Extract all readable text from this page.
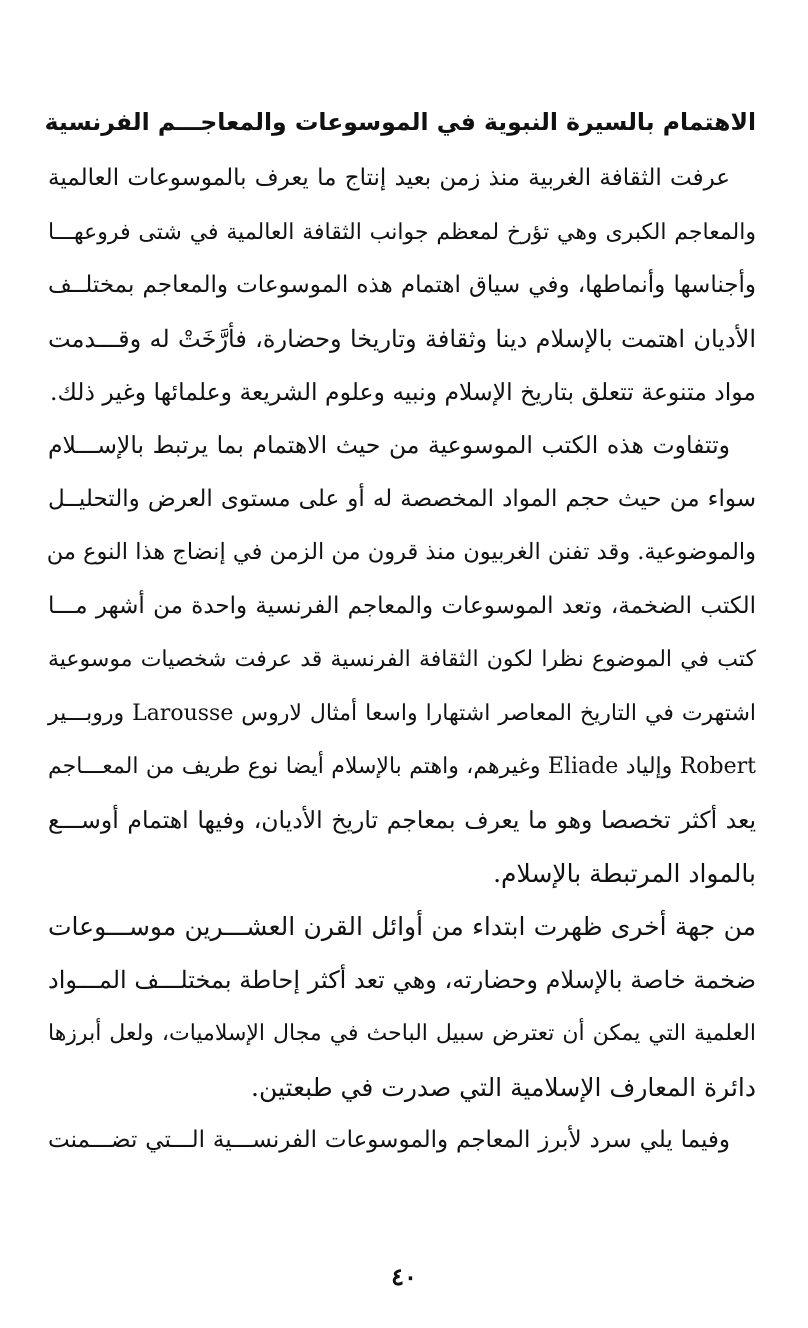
الاهتمام بالسيرة النبوية في الموسوعات والمعاجـــم الفرنسية

عرفت الثقافة الغربية منذ زمن بعيد إنتاج ما يعرف بالموسوعات العالمية
والمعاجم الكبرى وهي تؤرخ لمعظم جوانب الثقافة العالمية في شتى فروعهـــا
وأجناسها وأنماطها، وفي سياق اهتمام هذه الموسوعات والمعاجم بمختلــف
الأديان اهتمت بالإسلام دينا وثقافة وتاريخا وحضارة، فأرَّخَتْ له وقـــدمت
مواد متنوعة تتعلق بتاريخ الإسلام ونبيه وعلوم الشريعة وعلمائها وغير ذلك.

وتتفاوت هذه الكتب الموسوعية من حيث الاهتمام بما يرتبط بالإســـلام
سواء من حيث حجم المواد المخصصة له أو على مستوى العرض والتحليــل
والموضوعية. وقد تفنن الغربيون منذ قرون من الزمن في إنضاج هذا النوع من
الكتب الضخمة، وتعد الموسوعات والمعاجم الفرنسية واحدة من أشهر مـــا
كتب في الموضوع نظرا لكون الثقافة الفرنسية قد عرفت شخصيات موسوعية
اشتهرت في التاريخ المعاصر اشتهارا واسعا أمثال لاروس Larousse وروبـــير
Robert وإلياد Eliade وغيرهم، واهتم بالإسلام أيضا نوع طريف من المعـــاجم
يعد أكثر تخصصا وهو ما يعرف بمعاجم تاريخ الأديان، وفيها اهتمام أوســـع
بالمواد المرتبطة بالإسلام.

من جهة أخرى ظهرت ابتداء من أوائل القرن العشـــرين موســـوعات
ضخمة خاصة بالإسلام وحضارته، وهي تعد أكثر إحاطة بمختلـــف المـــواد
العلمية التي يمكن أن تعترض سبيل الباحث في مجال الإسلاميات، ولعل أبرزها
دائرة المعارف الإسلامية التي صدرت في طبعتين.

وفيما يلي سرد لأبرز المعاجم والموسوعات الفرنســـية الـــتي تضـــمنت

٤٠
